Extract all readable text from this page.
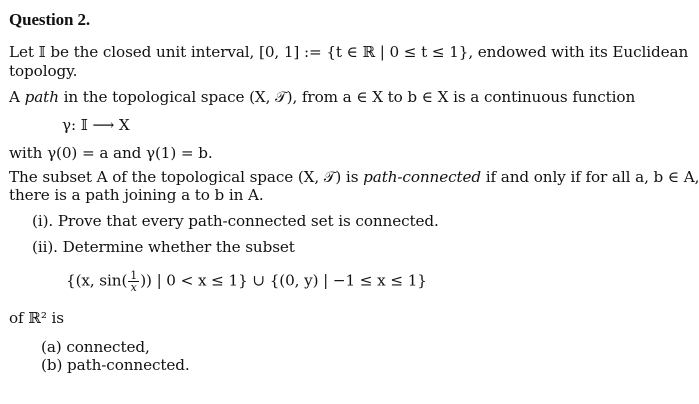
Question 2.
Let 𝕀 be the closed unit interval, [0, 1] := {t ∈ ℝ | 0 ≤ t ≤ 1}, endowed with its Euclidean
topology.
A path in the topological space (X, 𝒯), from a ∈ X to b ∈ X is a continuous function
γ: 𝕀 ⟶ X
with γ(0) = a and γ(1) = b.
The subset A of the topological space (X, 𝒯) is path-connected if and only if for all a, b ∈ A,
there is a path joining a to b in A.
(i). Prove that every path-connected set is connected.
(ii). Determine whether the subset
{(x, $\sin( \frac{1}{x}$ )) | 0 < x ≤ 1} ∪ {(0, y) | −1 ≤ x ≤ 1}
of ℝ² is
(a) connected,
(b) path-connected.
